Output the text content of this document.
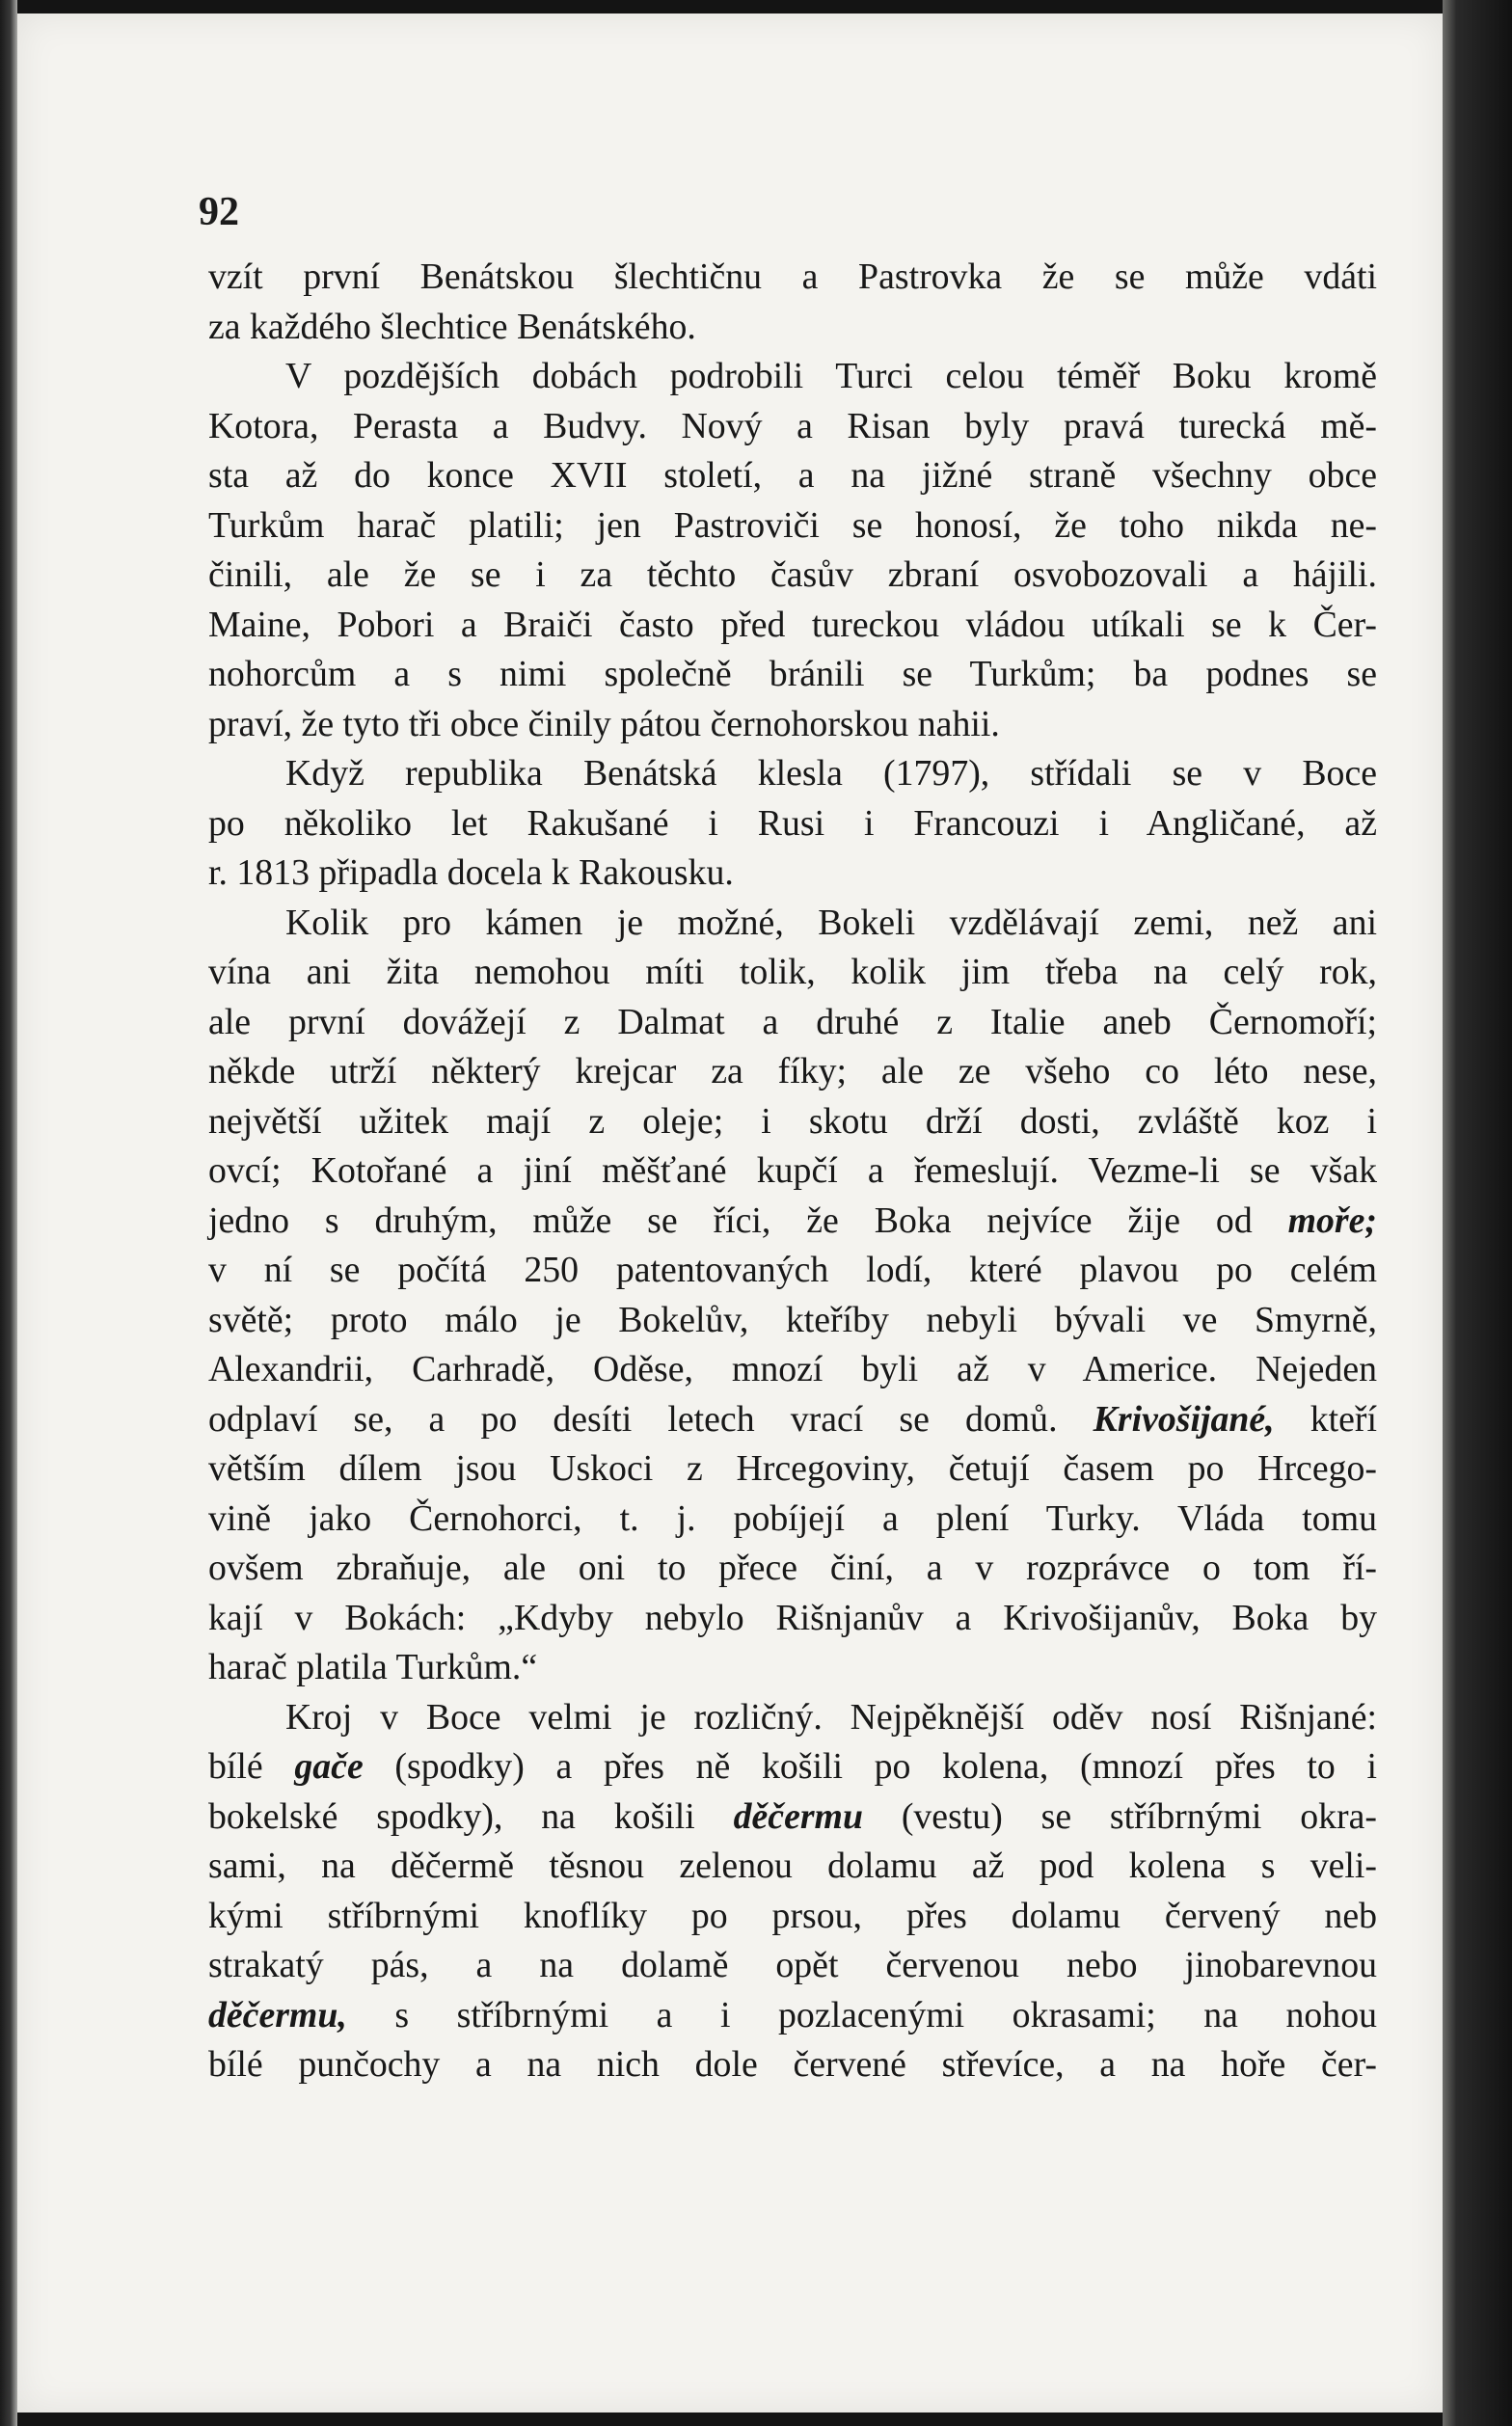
92
vzít první Benátskou šlechtičnu a Pastrovka že se může vdáti
za každého šlechtice Benátského.
V pozdějších dobách podrobili Turci celou téměř Boku kromě
Kotora, Perasta a Budvy. Nový a Risan byly pravá turecká mě-
sta až do konce XVII století, a na jižné straně všechny obce
Turkům harač platili; jen Pastroviči se honosí, že toho nikda ne-
činili, ale že se i za těchto časův zbraní osvobozovali a hájili.
Maine, Pobori a Braiči často před tureckou vládou utíkali se k Čer-
nohorcům a s nimi společně bránili se Turkům; ba podnes se
praví, že tyto tři obce činily pátou černohorskou nahii.
Když republika Benátská klesla (1797), střídali se v Boce
po několiko let Rakušané i Rusi i Francouzi i Angličané, až
r. 1813 připadla docela k Rakousku.
Kolik pro kámen je možné, Bokeli vzdělávají zemi, než ani
vína ani žita nemohou míti tolik, kolik jim třeba na celý rok,
ale první dovážejí z Dalmat a druhé z Italie aneb Černomoří;
někde utrží některý krejcar za fíky; ale ze všeho co léto nese,
největší užitek mají z oleje; i skotu drží dosti, zvláště koz i
ovcí; Kotořané a jiní měšťané kupčí a řemeslují. Vezme-li se však
jedno s druhým, může se říci, že Boka nejvíce žije od moře;
v ní se počítá 250 patentovaných lodí, které plavou po celém
světě; proto málo je Bokelův, kteříby nebyli bývali ve Smyrně,
Alexandrii, Carhradě, Oděse, mnozí byli až v Americe. Nejeden
odplaví se, a po desíti letech vrací se domů. Krivošijané, kteří
větším dílem jsou Uskoci z Hrcegoviny, četují časem po Hrcego-
vině jako Černohorci, t. j. pobíjejí a plení Turky. Vláda tomu
ovšem zbraňuje, ale oni to přece činí, a v rozprávce o tom ří-
kají v Bokách: „Kdyby nebylo Rišnjanův a Krivošijanův, Boka by
harač platila Turkům.“
Kroj v Boce velmi je rozličný. Nejpěknější oděv nosí Rišnjané:
bílé gače (spodky) a přes ně košili po kolena, (mnozí přes to i
bokelské spodky), na košili děčermu (vestu) se stříbrnými okra-
sami, na děčermě těsnou zelenou dolamu až pod kolena s veli-
kými stříbrnými knoflíky po prsou, přes dolamu červený neb
strakatý pás, a na dolamě opět červenou nebo jinobarevnou
děčermu, s stříbrnými a i pozlacenými okrasami; na nohou
bílé punčochy a na nich dole červené střevíce, a na hoře čer-
